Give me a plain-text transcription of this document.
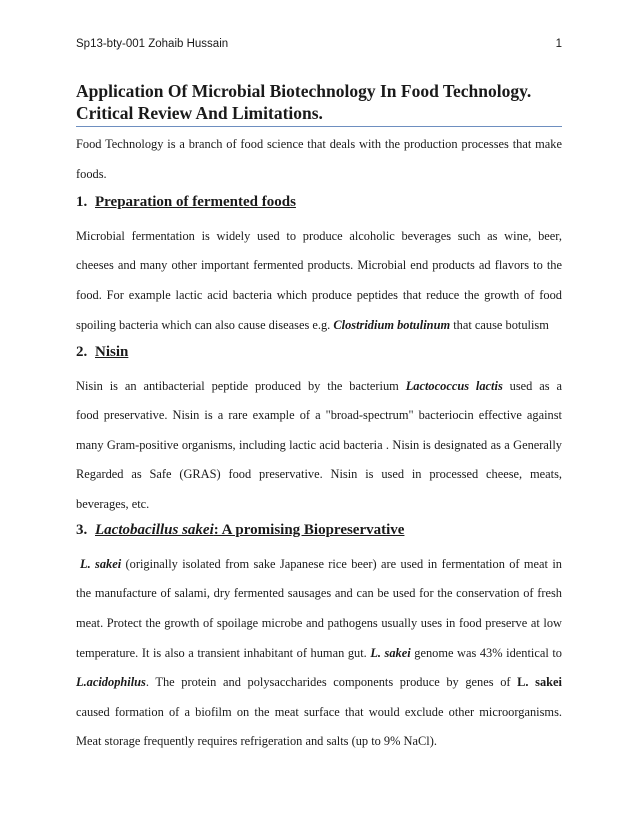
Sp13-bty-001 Zohaib Hussain	1
Application Of Microbial Biotechnology In Food Technology.
Critical Review And Limitations.
Food Technology is a branch of food science that deals with the production processes that make
foods.
1. Preparation of fermented foods
Microbial fermentation is widely used to produce alcoholic beverages such as wine, beer,
cheeses and many other important fermented products. Microbial end products ad flavors to the
food. For example lactic acid bacteria which produce peptides that reduce the growth of food
spoiling bacteria which can also cause diseases e.g. Clostridium botulinum that cause botulism
2. Nisin
Nisin is an antibacterial peptide produced by the bacterium Lactococcus lactis used as a
food preservative. Nisin is a rare example of a "broad-spectrum" bacteriocin effective against
many Gram-positive organisms, including lactic acid bacteria . Nisin is designated as a Generally
Regarded as Safe (GRAS) food preservative. Nisin is used in processed cheese, meats,
beverages, etc.
3. Lactobacillus sakei: A promising Biopreservative
L. sakei (originally isolated from sake Japanese rice beer) are used in fermentation of meat in
the manufacture of salami, dry fermented sausages and can be used for the conservation of fresh
meat. Protect the growth of spoilage microbe and pathogens usually uses in food preserve at low
temperature. It is also a transient inhabitant of human gut. L. sakei genome was 43% identical to
L.acidophilus. The protein and polysaccharides components produce by genes of L. sakei
caused formation of a biofilm on the meat surface that would exclude other microorganisms.
Meat storage frequently requires refrigeration and salts (up to 9% NaCl).
